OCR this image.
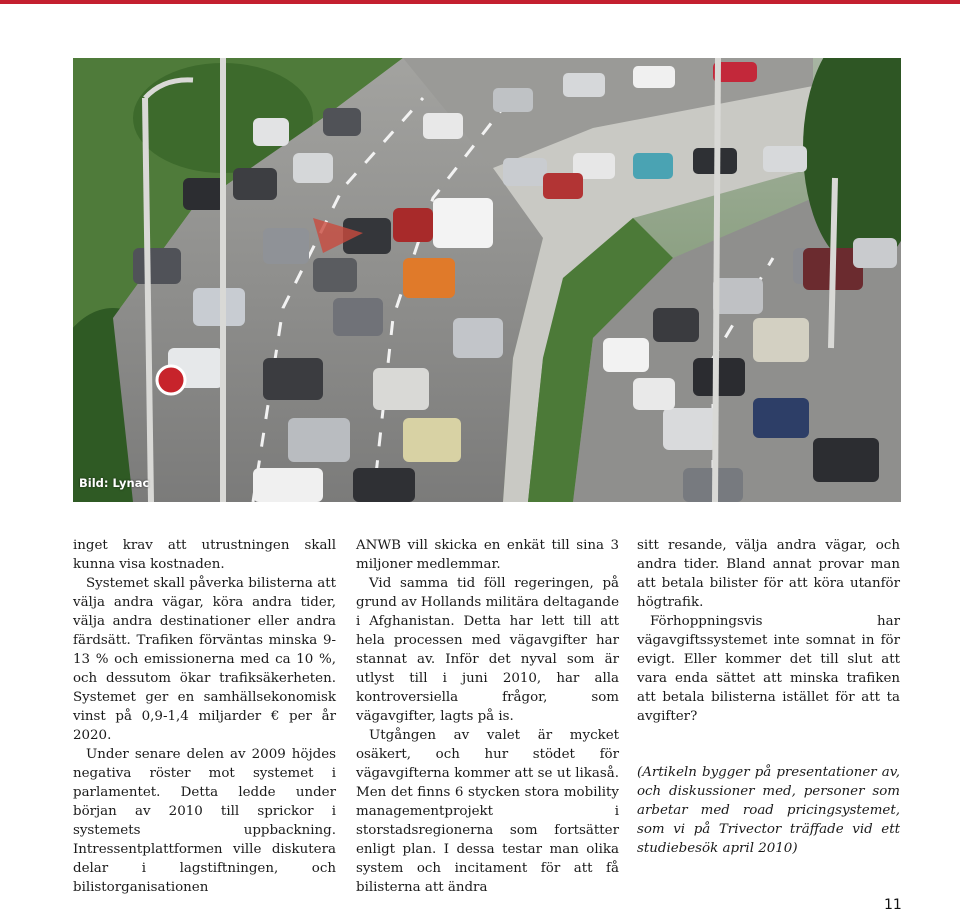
Bild: Lynac

inget krav att utrustningen skall kunna visa kostnaden.

Systemet skall påverka bilisterna att välja andra vägar, köra andra tider, välja andra destinationer eller andra färdsätt. Trafiken förväntas minska 9-13 % och emissionerna med ca 10 %, och dessutom ökar trafiksäkerheten. Systemet ger en samhällsekonomisk vinst på 0,9-1,4 miljarder € per år 2020.

Under senare delen av 2009 höjdes negativa röster mot systemet i parlamentet. Detta ledde under början av 2010 till sprickor i systemets uppbackning. Intressentplattformen ville diskutera delar i lagstiftningen, och bilistorganisationen

ANWB vill skicka en enkät till sina 3 miljoner medlemmar.

Vid samma tid föll regeringen, på grund av Hollands militära deltagande i Afghanistan. Detta har lett till att hela processen med vägavgifter har stannat av. Inför det nyval som är utlyst till i juni 2010, har alla kontroversiella frågor, som vägavgifter, lagts på is.

Utgången av valet är mycket osäkert, och hur stödet för vägavgifterna kommer att se ut likaså. Men det finns 6 stycken stora mobility managementprojekt i storstadsregionerna som fortsätter enligt plan. I dessa testar man olika system och incitament för att få bilisterna att ändra

sitt resande, välja andra vägar, och andra tider. Bland annat provar man att betala bilister för att köra utanför högtrafik.

Förhoppningsvis har vägavgiftssystemet inte somnat in för evigt. Eller kommer det till slut att vara enda sättet att minska trafiken att betala bilisterna istället för att ta avgifter?

(Artikeln bygger på presentationer av, och diskussioner med, personer som arbetar med road pricingsystemet, som vi på Trivector träffade vid ett studiebesök april 2010)

11
